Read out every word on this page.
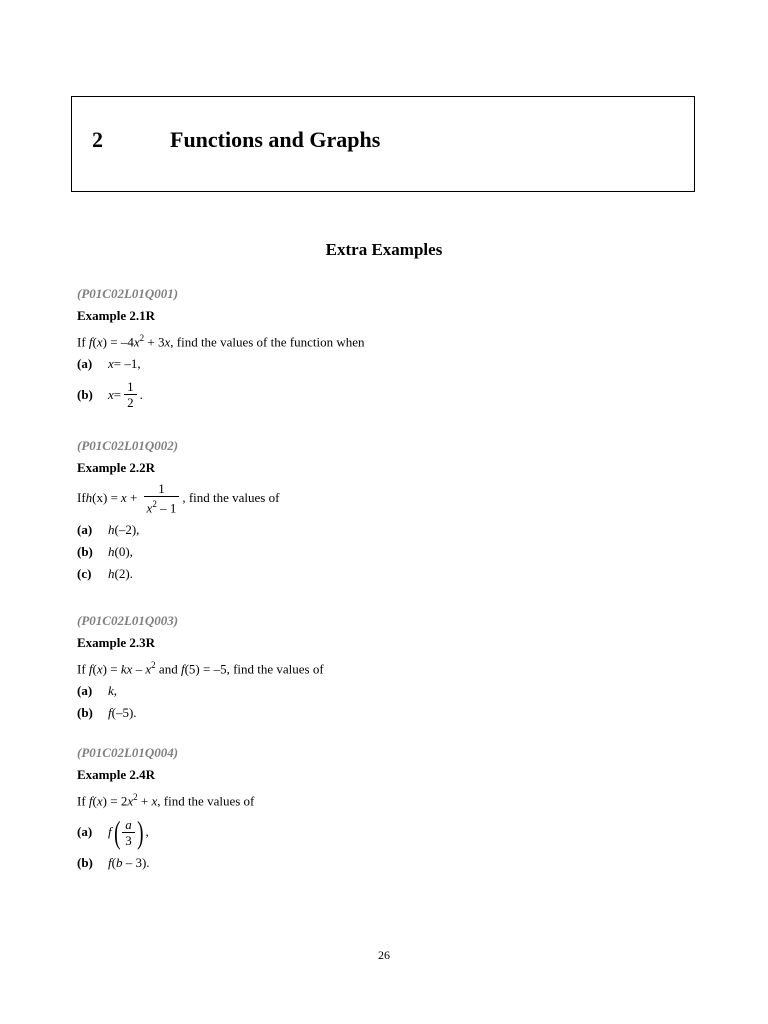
2	Functions and Graphs
Extra Examples
(P01C02L01Q001)
Example 2.1R
If $f(x) = -4x^2 + 3x$, find the values of the function when
(a)	x = –1,
(b)	$x = \frac{1}{2}$ .
(P01C02L01Q002)
Example 2.2R
If h $(x) = x + \frac{1}{x^2 - 1}$ , find the values of
(a)	h (–2),
(b)	h (0),
(c)	h (2).
(P01C02L01Q003)
Example 2.3R
If f(x) = kx – $x^2$ and f(5) = –5, find the values of
(a)	k ,
(b)	f (–5).
(P01C02L01Q004)
Example 2.4R
If $f(x) = 2x^2 + x$, find the values of
(a)	f ( $\frac{a}{3}$ ) ,
(b)	f ( b – 3).
26
